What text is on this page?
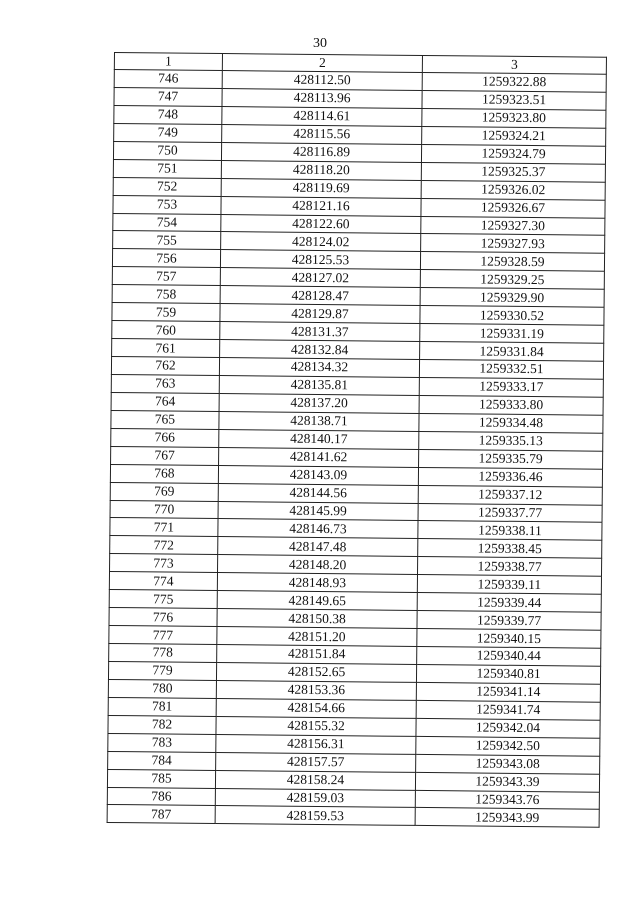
30
1	2	3
746	428112.50	1259322.88
747	428113.96	1259323.51
748	428114.61	1259323.80
749	428115.56	1259324.21
750	428116.89	1259324.79
751	428118.20	1259325.37
752	428119.69	1259326.02
753	428121.16	1259326.67
754	428122.60	1259327.30
755	428124.02	1259327.93
756	428125.53	1259328.59
757	428127.02	1259329.25
758	428128.47	1259329.90
759	428129.87	1259330.52
760	428131.37	1259331.19
761	428132.84	1259331.84
762	428134.32	1259332.51
763	428135.81	1259333.17
764	428137.20	1259333.80
765	428138.71	1259334.48
766	428140.17	1259335.13
767	428141.62	1259335.79
768	428143.09	1259336.46
769	428144.56	1259337.12
770	428145.99	1259337.77
771	428146.73	1259338.11
772	428147.48	1259338.45
773	428148.20	1259338.77
774	428148.93	1259339.11
775	428149.65	1259339.44
776	428150.38	1259339.77
777	428151.20	1259340.15
778	428151.84	1259340.44
779	428152.65	1259340.81
780	428153.36	1259341.14
781	428154.66	1259341.74
782	428155.32	1259342.04
783	428156.31	1259342.50
784	428157.57	1259343.08
785	428158.24	1259343.39
786	428159.03	1259343.76
787	428159.53	1259343.99
